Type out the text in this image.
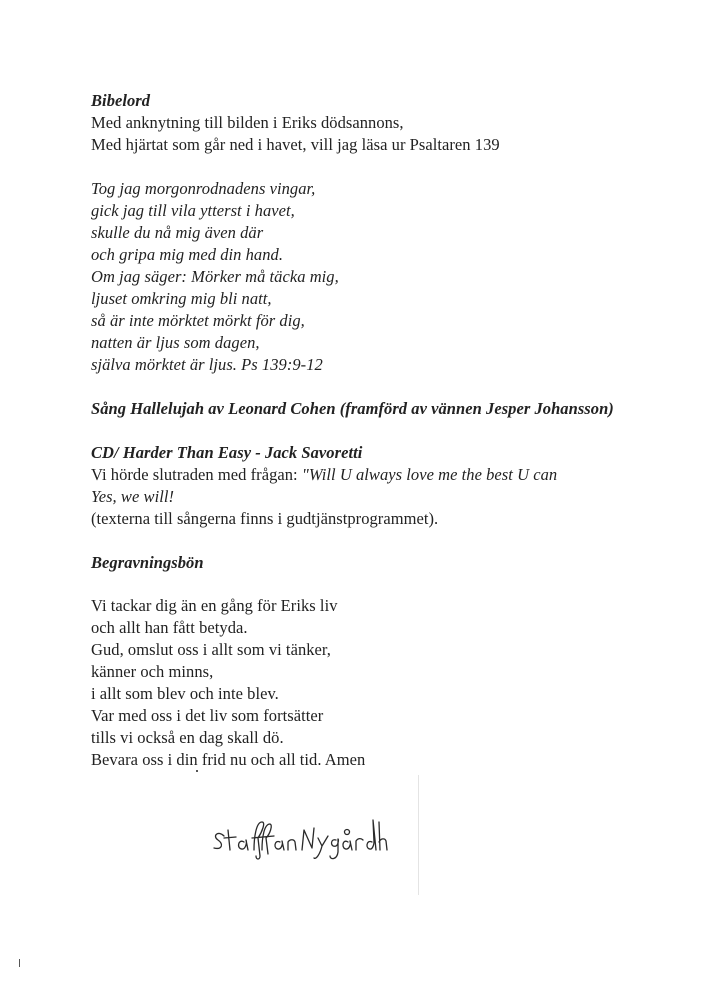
Bibelord
Med anknytning till bilden i Eriks dödsannons,
Med hjärtat som går ned i havet, vill jag läsa ur Psaltaren 139
Tog jag morgonrodnadens vingar,
gick jag till vila ytterst i havet,
skulle du nå mig även där
och gripa mig med din hand.
Om jag säger: Mörker må täcka mig,
ljuset omkring mig bli natt,
så är inte mörktet mörkt för dig,
natten är ljus som dagen,
själva mörktet är ljus. Ps 139:9-12
Sång Hallelujah av Leonard Cohen (framförd av vännen Jesper Johansson)
CD/ Harder Than Easy - Jack Savoretti
Vi hörde slutraden med frågan: "Will U always love me the best U can
Yes, we will!
(texterna till sångerna finns i gudtjänstprogrammet).
Begravningsbön
Vi tackar dig än en gång för Eriks liv
och allt han fått betyda.
Gud, omslut oss i allt som vi tänker,
känner och minns,
i allt som blev och inte blev.
Var med oss i det liv som fortsätter
tills vi också en dag skall dö.
Bevara oss i din frid nu och all tid. Amen
